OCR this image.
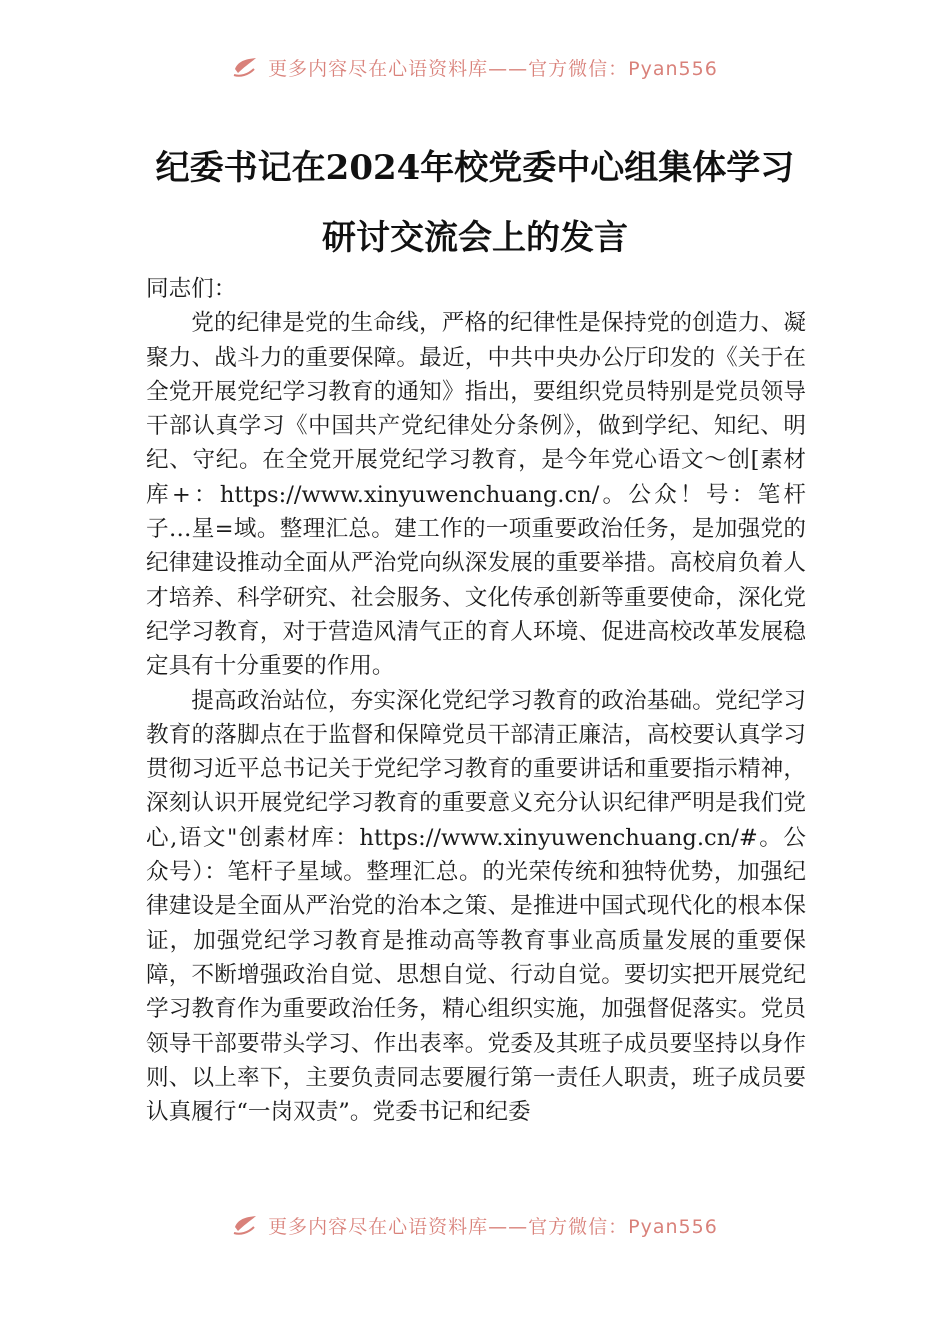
更多内容尽在心语资料库——官方微信：Pyan556
纪委书记在2024年校党委中心组集体学习
研讨交流会上的发言

同志们：

党的纪律是党的生命线，严格的纪律性是保持党的创造力、凝聚力、战斗力的重要保障。最近，中共中央办公厅印发的《关于在全党开展党纪学习教育的通知》指出，要组织党员特别是党员领导干部认真学习《中国共产党纪律处分条例》，做到学纪、知纪、明纪、守纪。在全党开展党纪学习教育，是今年党心语文～创[素材库+：https://www.xinyuwenchuang.cn/。公众！号：笔杆子…星=域。整理汇总。建工作的一项重要政治任务，是加强党的纪律建设推动全面从严治党向纵深发展的重要举措。高校肩负着人才培养、科学研究、社会服务、文化传承创新等重要使命，深化党纪学习教育，对于营造风清气正的育人环境、促进高校改革发展稳定具有十分重要的作用。

提高政治站位，夯实深化党纪学习教育的政治基础。党纪学习教育的落脚点在于监督和保障党员干部清正廉洁，高校要认真学习贯彻习近平总书记关于党纪学习教育的重要讲话和重要指示精神，深刻认识开展党纪学习教育的重要意义充分认识纪律严明是我们党心,语文"创素材库：https://www.xinyuwenchuang.cn/#。公众号）：笔杆子星域。整理汇总。的光荣传统和独特优势，加强纪律建设是全面从严治党的治本之策、是推进中国式现代化的根本保证，加强党纪学习教育是推动高等教育事业高质量发展的重要保障，不断增强政治自觉、思想自觉、行动自觉。要切实把开展党纪学习教育作为重要政治任务，精心组织实施，加强督促落实。党员领导干部要带头学习、作出表率。党委及其班子成员要坚持以身作则、以上率下，主要负责同志要履行第一责任人职责，班子成员要认真履行“一岗双责”。党委书记和纪委

更多内容尽在心语资料库——官方微信：Pyan556
